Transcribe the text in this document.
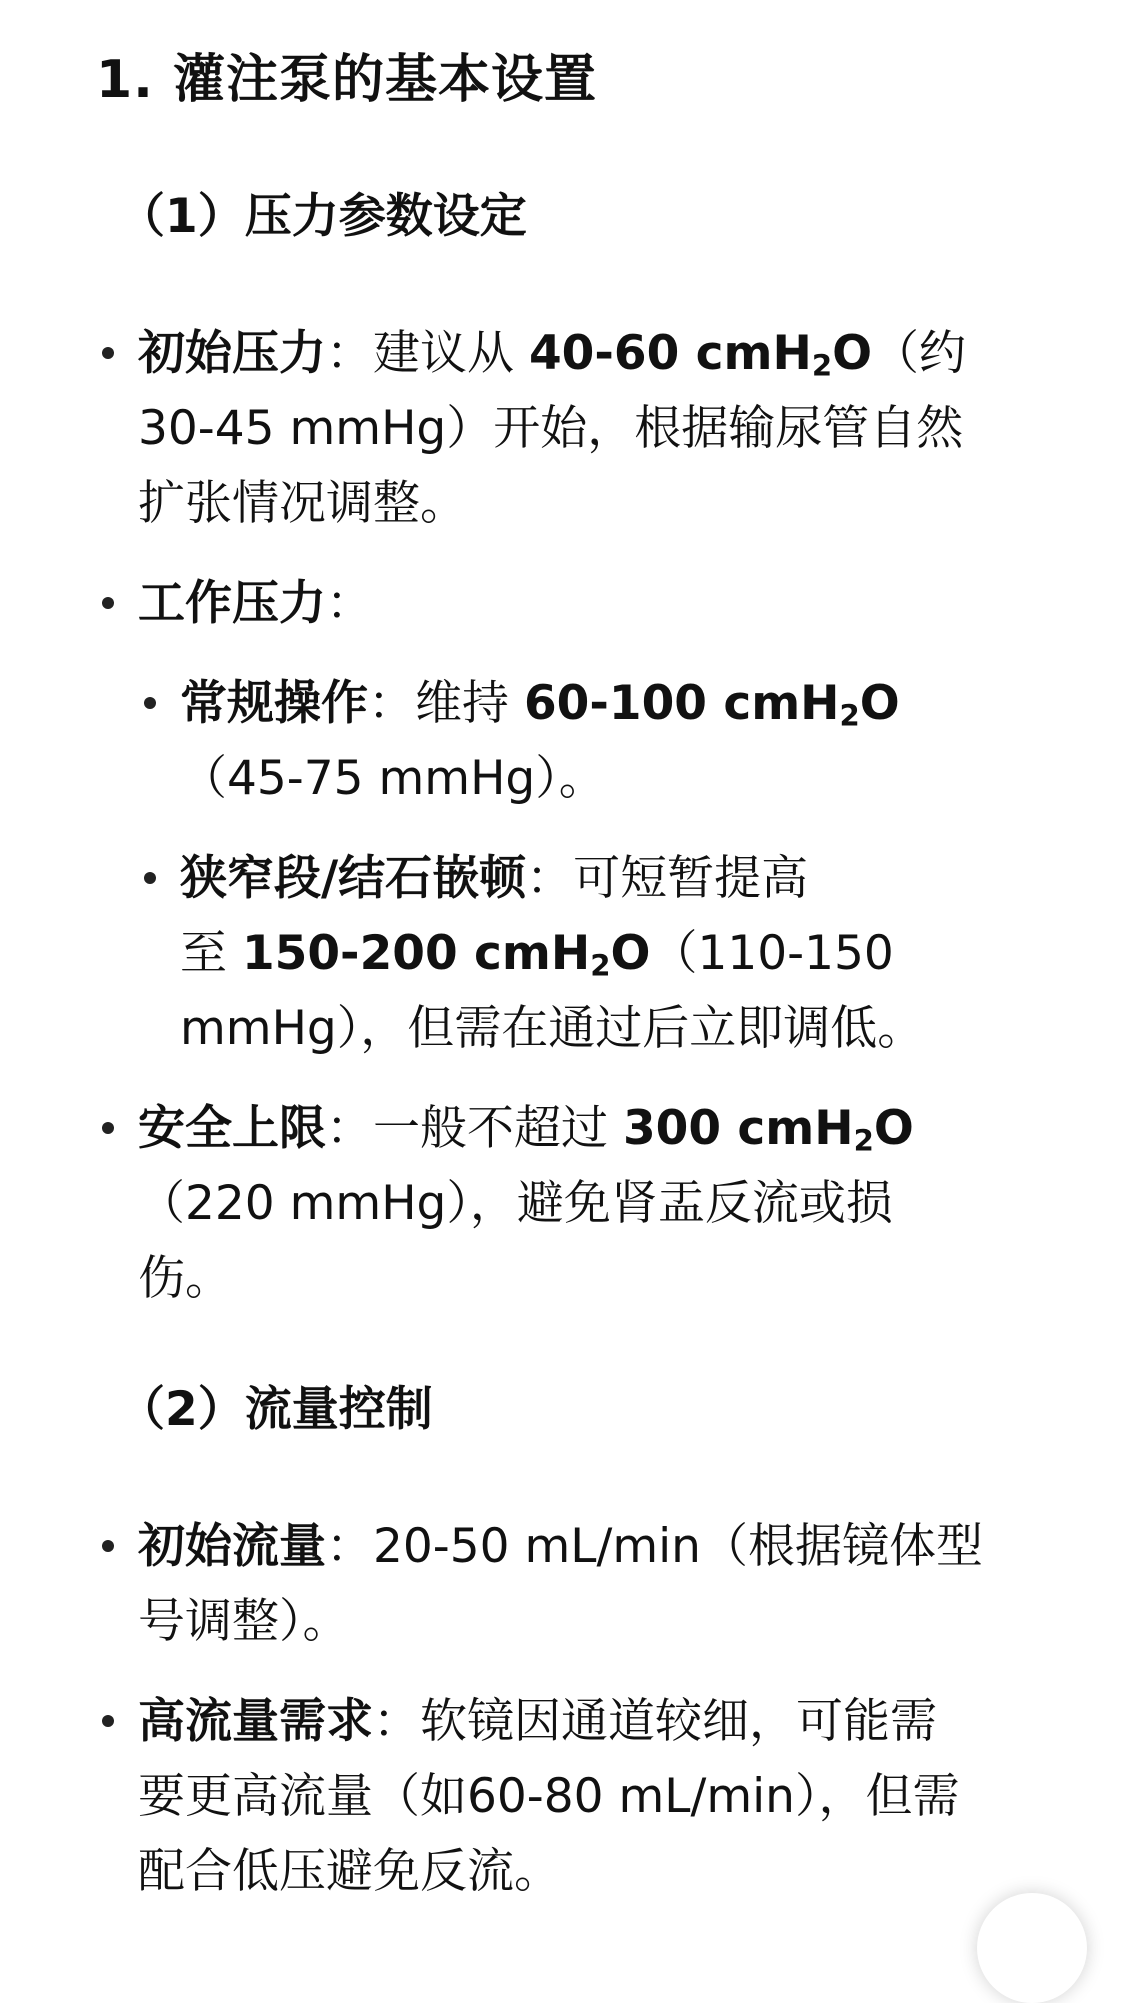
1. 灌注泵的基本设置
（1）压力参数设定
初始压力：建议从 40-60 cmH$_2$O（约
30-45 mmHg）开始，根据输尿管自然
扩张情况调整。
工作压力：
常规操作：维持 60-100 cmH$_2$O
（45-75 mmHg）。
狭窄段/结石嵌顿：可短暂提高
至 150-200 cmH$_2$O（110-150
mmHg），但需在通过后立即调低。
安全上限：一般不超过 300 cmH$_2$O
（220 mmHg），避免肾盂反流或损
伤。
（2）流量控制
初始流量：20-50 mL/min（根据镜体型
号调整）。
高流量需求：软镜因通道较细，可能需
要更高流量（如60-80 mL/min），但需
配合低压避免反流。
